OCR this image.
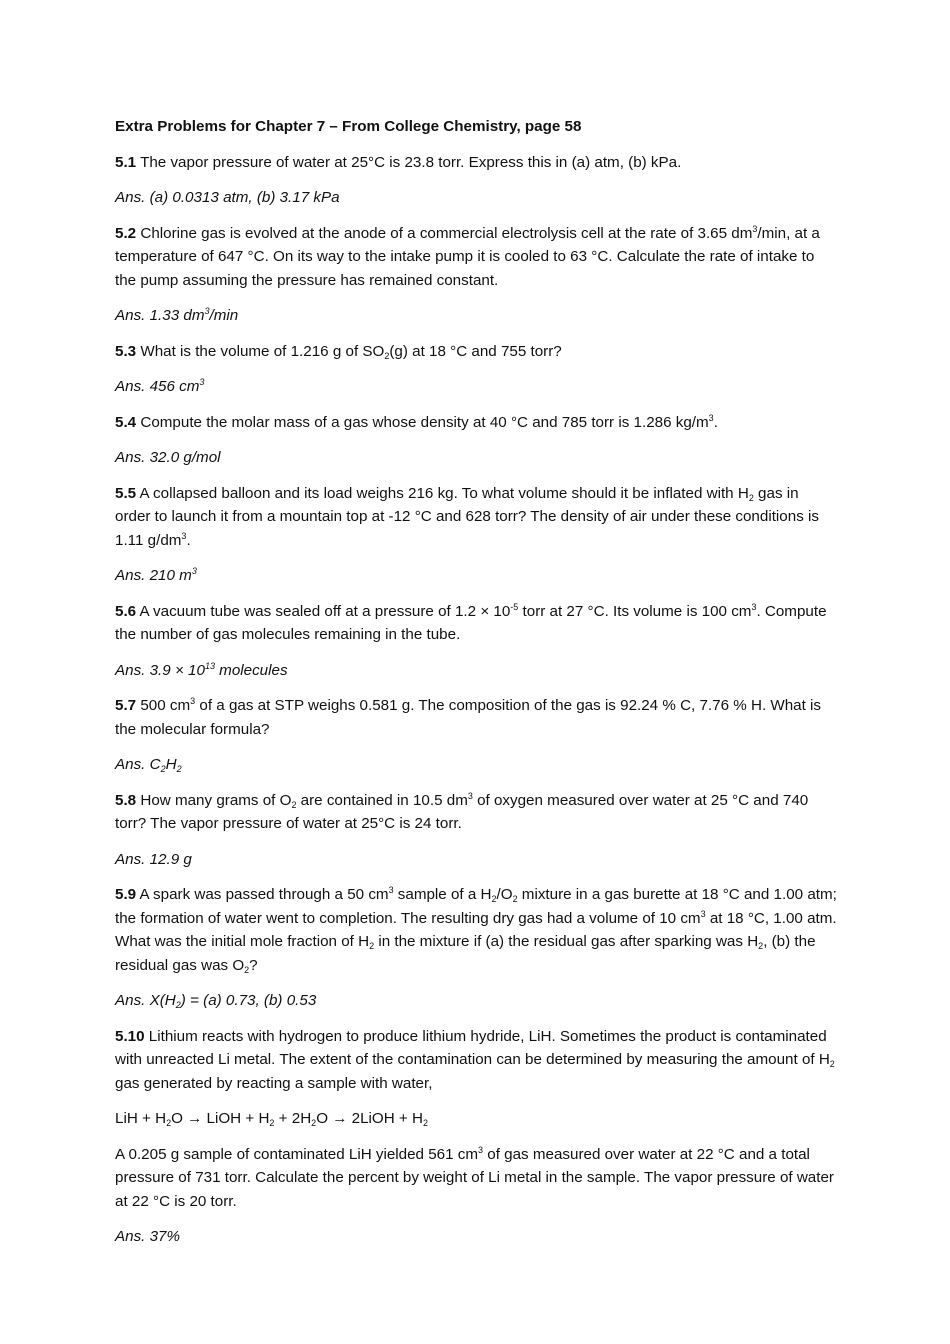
Extra Problems for Chapter 7 – From College Chemistry, page 58

5.1 The vapor pressure of water at 25°C is 23.8 torr. Express this in (a) atm, (b) kPa.

Ans. (a) 0.0313 atm, (b) 3.17 kPa

5.2 Chlorine gas is evolved at the anode of a commercial electrolysis cell at the rate of 3.65 $dm^3/\min$, at a temperature of 647 °C. On its way to the intake pump it is cooled to 63 °C. Calculate the rate of intake to the pump assuming the pressure has remained constant.

Ans. 1.33 $dm^3/\min$

5.3 What is the volume of 1.216 g of $SO_2(g)$ at 18 °C and 755 torr?

Ans. 456 $cm^3$

5.4 Compute the molar mass of a gas whose density at 40 °C and 785 torr is 1.286 $kg/m^3$.

Ans. 32.0 g/mol

5.5 A collapsed balloon and its load weighs 216 kg. To what volume should it be inflated with $H_2$ gas in order to launch it from a mountain top at -12 °C and 628 torr? The density of air under these conditions is 1.11 $g/dm^3$.

Ans. 210 $m^3$

5.6 A vacuum tube was sealed off at a pressure of $1.2 \times 10^{-5}$ torr at 27 °C. Its volume is 100 $cm^3$. Compute the number of gas molecules remaining in the tube.

Ans. $3.9 \times 10^{13}$ molecules

5.7 500 $cm^3$ of a gas at STP weighs 0.581 g. The composition of the gas is 92.24 % C, 7.76 % H. What is the molecular formula?

Ans. $C_2H_2$

5.8 How many grams of $O_2$ are contained in 10.5 $dm^3$ of oxygen measured over water at 25 °C and 740 torr? The vapor pressure of water at 25°C is 24 torr.

Ans. 12.9 g

5.9 A spark was passed through a 50 $cm^3$ sample of a $H_2/O_2$ mixture in a gas burette at 18 °C and 1.00 atm; the formation of water went to completion. The resulting dry gas had a volume of 10 $cm^3$ at 18 °C, 1.00 atm. What was the initial mole fraction of $H_2$ in the mixture if (a) the residual gas after sparking was $H_2$, (b) the residual gas was $O_2$?

Ans. $X(H_2) = (a)$ 0.73, (b) 0.53

5.10 Lithium reacts with hydrogen to produce lithium hydride, LiH. Sometimes the product is contaminated with unreacted Li metal. The extent of the contamination can be determined by measuring the amount of $H_2$ gas generated by reacting a sample with water,

LiH + $H_2O$ → LiOH + $H_2 + 2H_2O$ → 2LiOH + $H_2$

A 0.205 g sample of contaminated LiH yielded 561 $cm^3$ of gas measured over water at 22 °C and a total pressure of 731 torr. Calculate the percent by weight of Li metal in the sample. The vapor pressure of water at 22 °C is 20 torr.

Ans. 37%
